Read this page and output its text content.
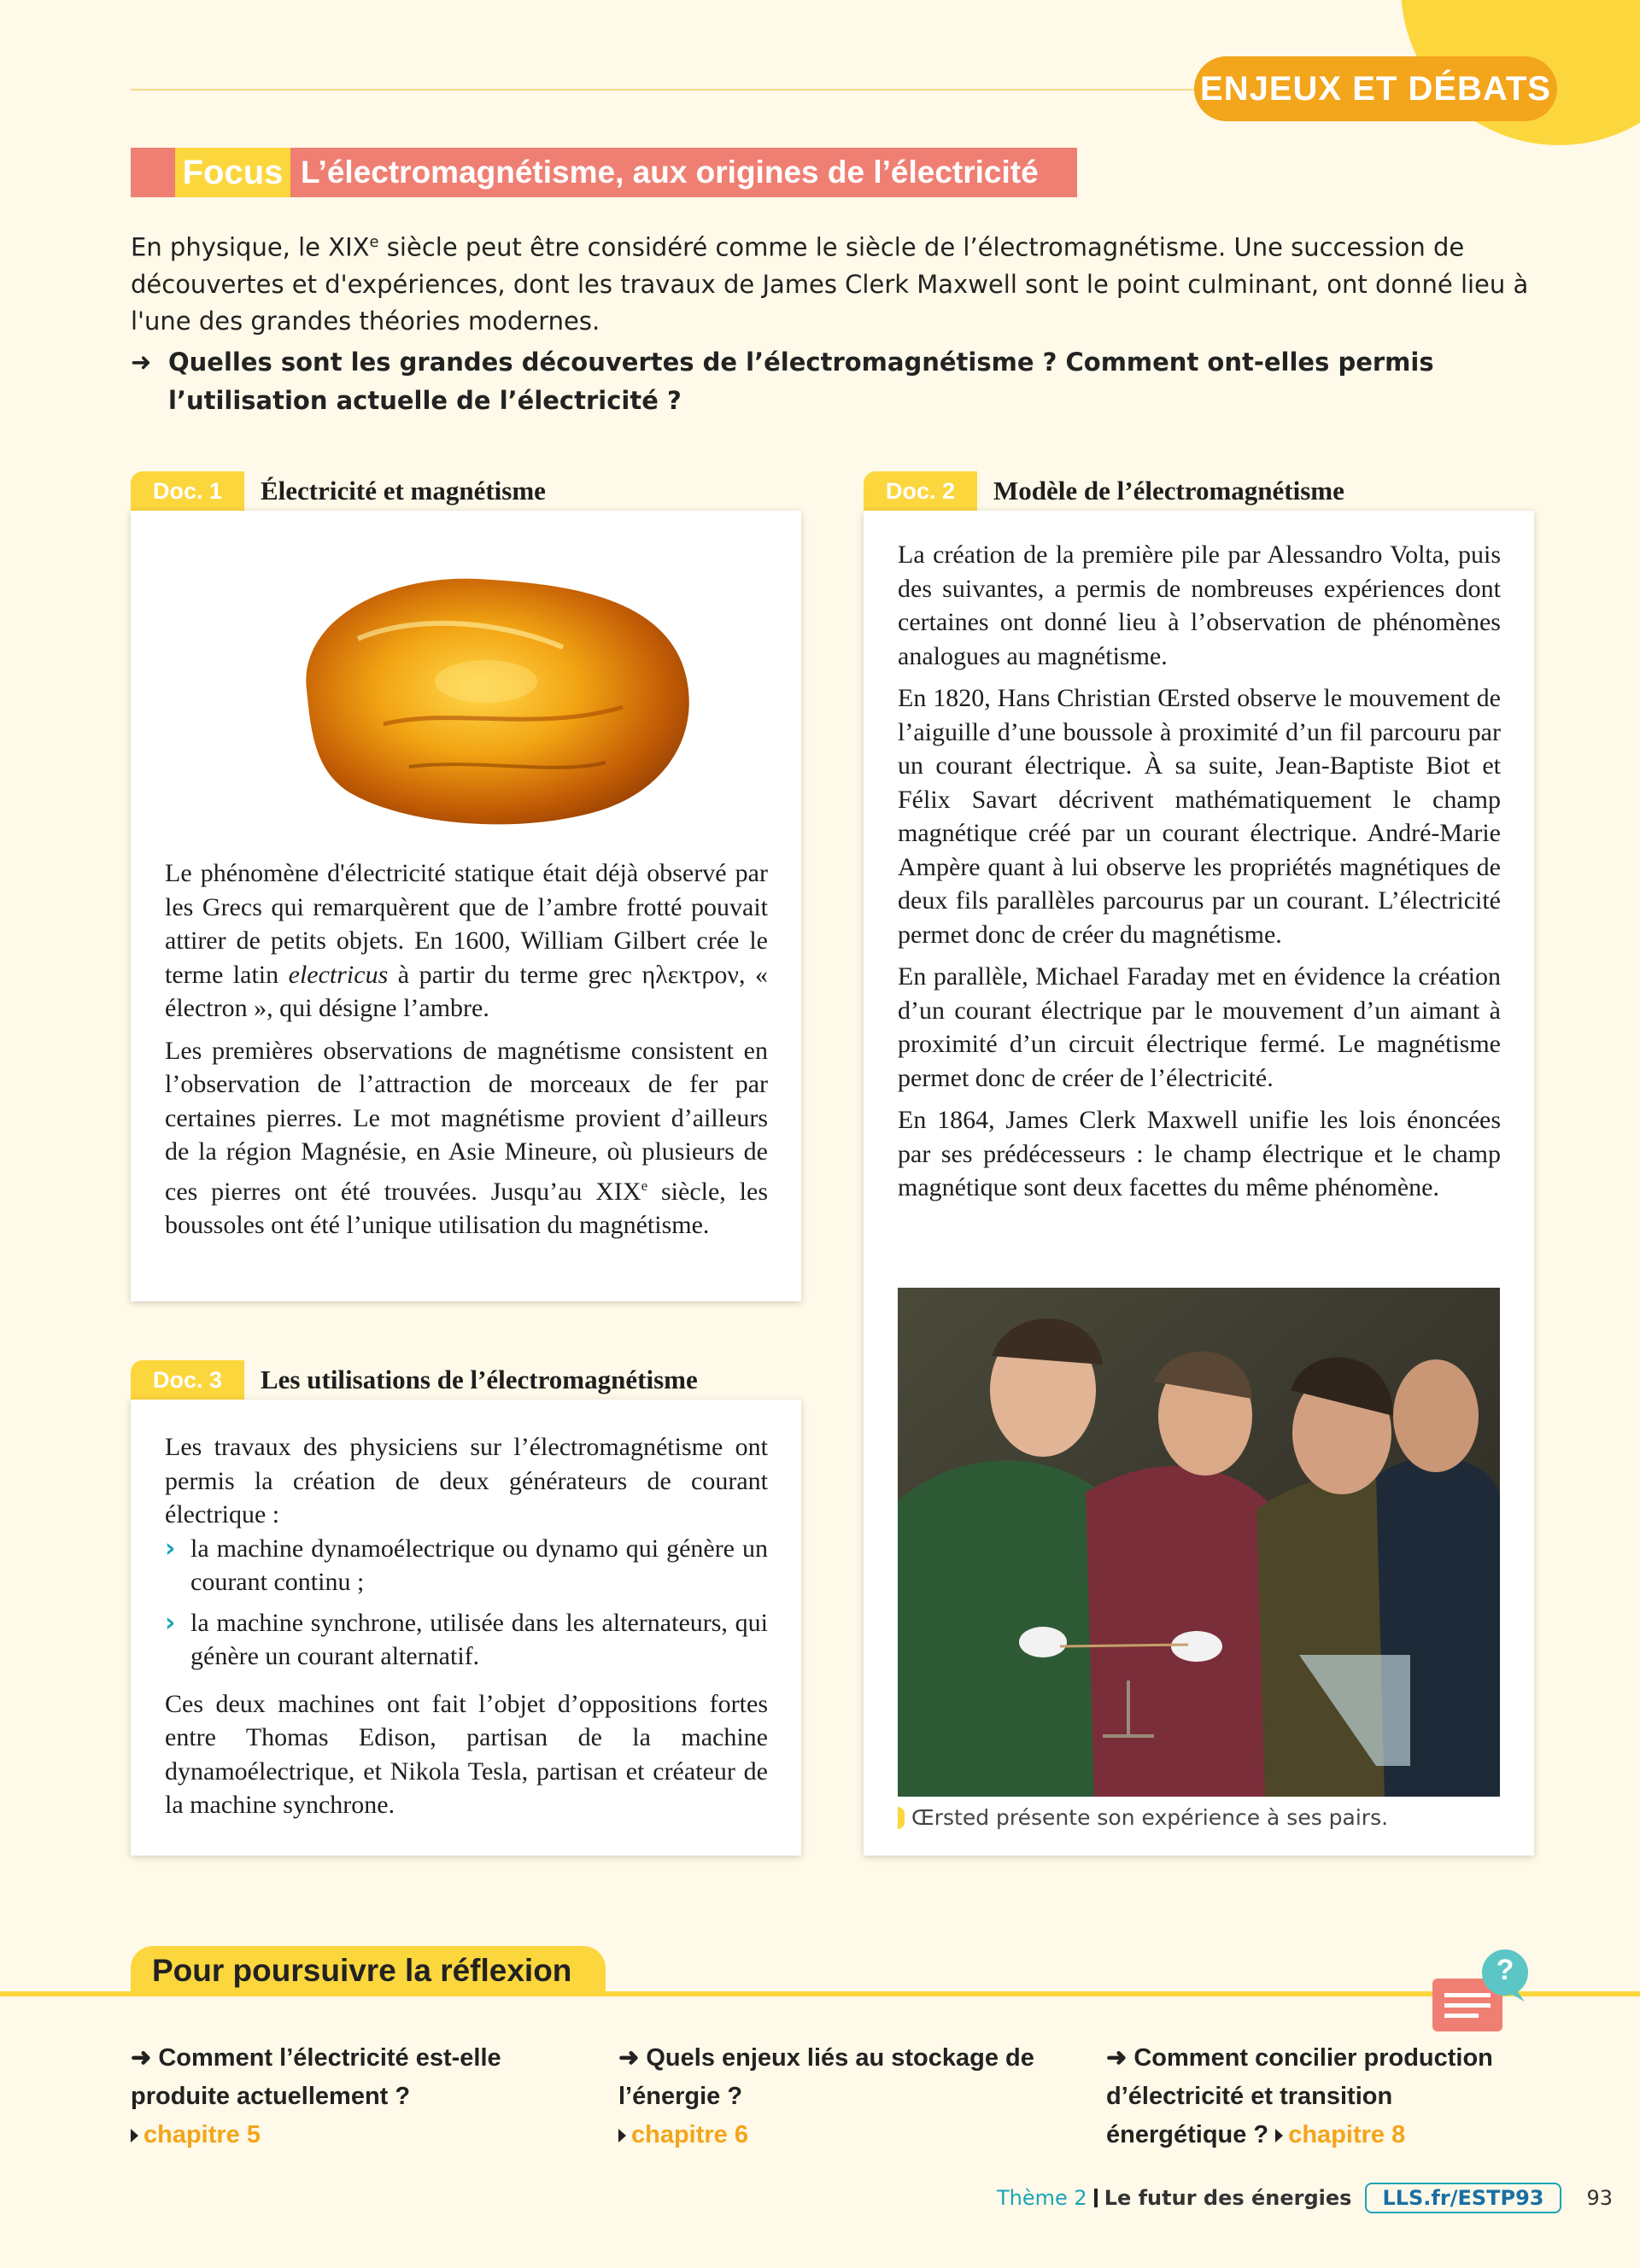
ENJEUX ET DÉBATS
Focus L’électromagnétisme, aux origines de l’électricité

En physique, le XIXe siècle peut être considéré comme le siècle de l’électromagnétisme. Une succession de découvertes et d'expériences, dont les travaux de James Clerk Maxwell sont le point culminant, ont donné lieu à l'une des grandes théories modernes.

➜ Quelles sont les grandes découvertes de l’électromagnétisme ? Comment ont-elles permis l’utilisation actuelle de l’électricité ?
Doc. 1	Électricité et magnétisme

Le phénomène d'électricité statique était déjà observé par les Grecs qui remarquèrent que de l’ambre frotté pouvait attirer de petits objets. En 1600, William Gilbert crée le terme latin electricus à partir du terme grec ηλεκτρον, « électron », qui désigne l’ambre.

Les premières observations de magnétisme consistent en l’observation de l’attraction de morceaux de fer par certaines pierres. Le mot magnétisme provient d’ailleurs de la région Magnésie, en Asie Mineure, où plusieurs de ces pierres ont été trouvées. Jusqu’au XIXe siècle, les boussoles ont été l’unique utilisation du magnétisme.

Doc. 2	Modèle de l’électromagnétisme

La création de la première pile par Alessandro Volta, puis des suivantes, a permis de nombreuses expériences dont certaines ont donné lieu à l’observation de phénomènes analogues au magnétisme.

En 1820, Hans Christian Œrsted observe le mouvement de l’aiguille d’une boussole à proximité d’un fil parcouru par un courant électrique. À sa suite, Jean-Baptiste Biot et Félix Savart décrivent mathématiquement le champ magnétique créé par un courant électrique. André-Marie Ampère quant à lui observe les propriétés magnétiques de deux fils parallèles parcourus par un courant. L’électricité permet donc de créer du magnétisme.

En parallèle, Michael Faraday met en évidence la création d’un courant électrique par le mouvement d’un aimant à proximité d’un circuit électrique fermé. Le magnétisme permet donc de créer de l’électricité.

En 1864, James Clerk Maxwell unifie les lois énoncées par ses prédécesseurs : le champ électrique et le champ magnétique sont deux facettes du même phénomène.

Œrsted présente son expérience à ses pairs.
Doc. 3	Les utilisations de l’électromagnétisme

Les travaux des physiciens sur l’électromagnétisme ont permis la création de deux générateurs de courant électrique :

› la machine dynamoélectrique ou dynamo qui génère un courant continu ;
› la machine synchrone, utilisée dans les alternateurs, qui génère un courant alternatif.

Ces deux machines ont fait l’objet d’oppositions fortes entre Thomas Edison, partisan de la machine dynamoélectrique, et Nikola Tesla, partisan et créateur de la machine synchrone.

Pour poursuivre la réflexion	?
➜ Comment l’électricité est-elle produite actuellement ?
chapitre 5
➜ Quels enjeux liés au stockage de l’énergie ?
chapitre 6
➜ Comment concilier production d’électricité et transition énergétique ? chapitre 8
Thème 2 Le futur des énergies	LLS.fr/ESTP93	93
